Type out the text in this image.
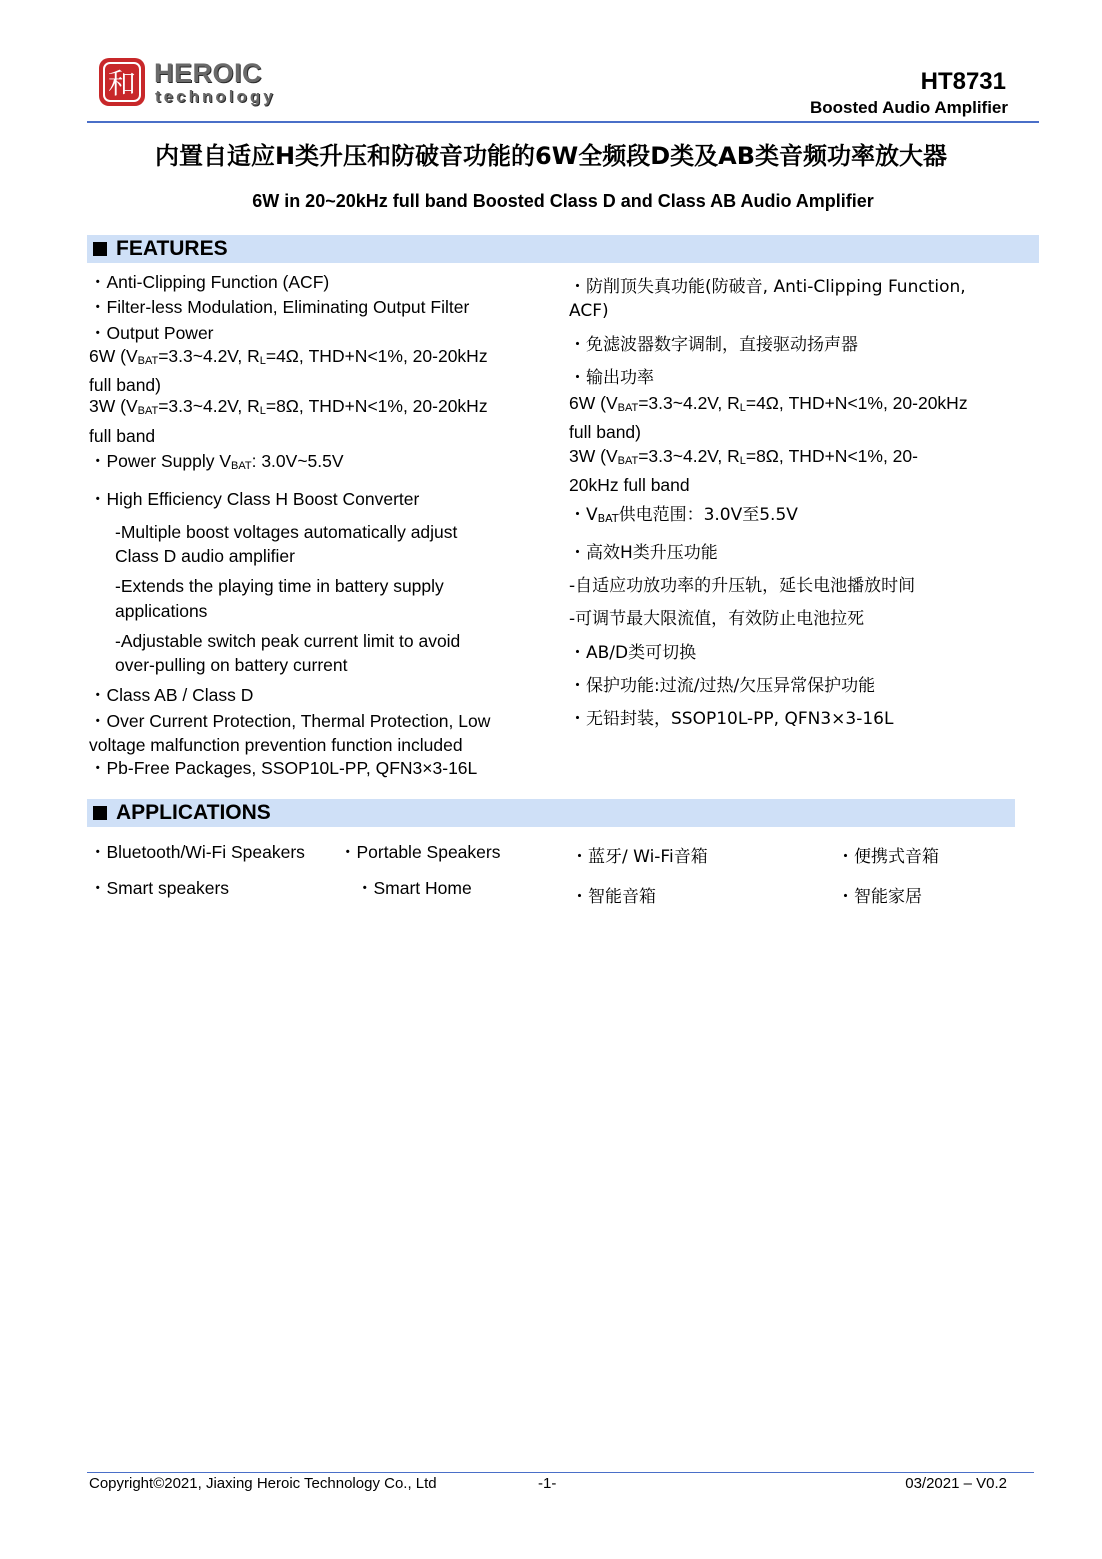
和 HEROIC
technology
HT8731
Boosted Audio Amplifier
内置自适应H类升压和防破音功能的6W全频段D类及AB类音频功率放大器
6W in 20~20kHz full band Boosted Class D and Class AB Audio Amplifier
FEATURES

・Anti-Clipping Function (ACF)

・Filter-less Modulation, Eliminating Output Filter

・Output Power

6W ($V_{BAT}=3.3\sim 4.2V$, $R_L=4\Omega$, THD+N<1%, 20-20kHz
full band)

3W ($V_{BAT}=3.3\sim 4.2V$, $R_L=8\Omega$, THD+N<1%, 20-20kHz
full band

・Power Supply $V_{BAT}$: 3.0V~5.5V

・High Efficiency Class H Boost Converter

-Multiple boost voltages automatically adjust
Class D audio amplifier

-Extends the playing time in battery supply
applications

-Adjustable switch peak current limit to avoid
over-pulling on battery current

・Class AB / Class D

・Over Current Protection, Thermal Protection, Low
voltage malfunction prevention function included

・Pb-Free Packages, SSOP10L-PP, QFN3×3-16L

・防削顶失真功能(防破音, Anti-Clipping Function,
ACF)

・免滤波器数字调制，直接驱动扬声器

・输出功率

6W ($V_{BAT}=3.3\sim 4.2V$, $R_L=4\Omega$, THD+N<1%, 20-20kHz
full band)

3W ($V_{BAT}=3.3\sim 4.2V$, $R_L=8\Omega$, THD+N<1%, 20-
20kHz full band

・$V_{BAT}$供电范围：3.0V至5.5V

・高效H类升压功能

-自适应功放功率的升压轨，延长电池播放时间

-可调节最大限流值，有效防止电池拉死

・AB/D类可切换

・保护功能:过流/过热/欠压异常保护功能

・无铅封装，SSOP10L-PP, QFN3×3-16L

APPLICATIONS
・Bluetooth/Wi-Fi Speakers ・Portable Speakers
・Smart speakers	・Smart Home
・蓝牙/ Wi-Fi音箱	・便携式音箱
・智能音箱	・智能家居
Copyright©2021, Jiaxing Heroic Technology Co., Ltd	-1-	03/2021 – V0.2
